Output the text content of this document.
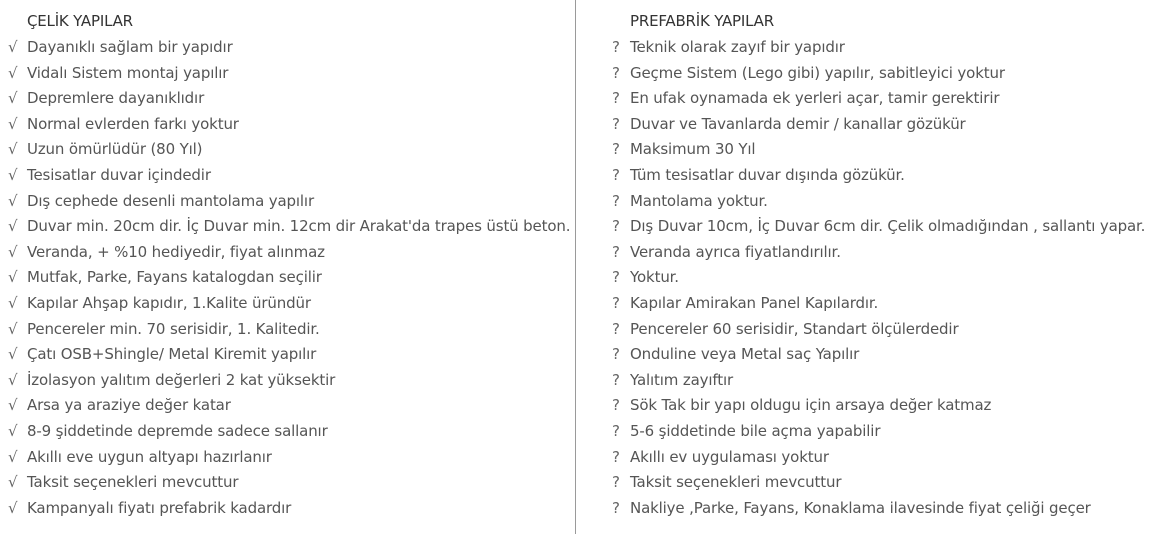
ÇELİK YAPILAR
√ Dayanıklı sağlam bir yapıdır
√ Vidalı Sistem montaj yapılır
√ Depremlere dayanıklıdır
√ Normal evlerden farkı yoktur
√ Uzun ömürlüdür (80 Yıl)
√ Tesisatlar duvar içindedir
√ Dış cephede desenli mantolama yapılır
√ Duvar min. 20cm dir. İç Duvar min. 12cm dir Arakat'da trapes üstü beton.
√ Veranda, + %10 hediyedir, fiyat alınmaz
√ Mutfak, Parke, Fayans katalogdan seçilir
√ Kapılar Ahşap kapıdır, 1.Kalite üründür
√ Pencereler min. 70 serisidir, 1. Kalitedir.
√ Çatı OSB+Shingle/ Metal Kiremit yapılır
√ İzolasyon yalıtım değerleri 2 kat yüksektir
√ Arsa ya araziye değer katar
√ 8-9 şiddetinde depremde sadece sallanır
√ Akıllı eve uygun altyapı hazırlanır
√ Taksit seçenekleri mevcuttur
√ Kampanyalı fiyatı prefabrik kadardır
PREFABRİK YAPILAR
? Teknik olarak zayıf bir yapıdır
? Geçme Sistem (Lego gibi) yapılır, sabitleyici yoktur
? En ufak oynamada ek yerleri açar, tamir gerektirir
? Duvar ve Tavanlarda demir / kanallar gözükür
? Maksimum 30 Yıl
? Tüm tesisatlar duvar dışında gözükür.
? Mantolama yoktur.
? Dış Duvar 10cm, İç Duvar 6cm dir. Çelik olmadığından , sallantı yapar.
? Veranda ayrıca fiyatlandırılır.
? Yoktur.
? Kapılar Amirakan Panel Kapılardır.
? Pencereler 60 serisidir, Standart ölçülerdedir
? Onduline veya Metal saç Yapılır
? Yalıtım zayıftır
? Sök Tak bir yapı oldugu için arsaya değer katmaz
? 5-6 şiddetinde bile açma yapabilir
? Akıllı ev uygulaması yoktur
? Taksit seçenekleri mevcuttur
? Nakliye ,Parke, Fayans, Konaklama ilavesinde fiyat çeliği geçer
